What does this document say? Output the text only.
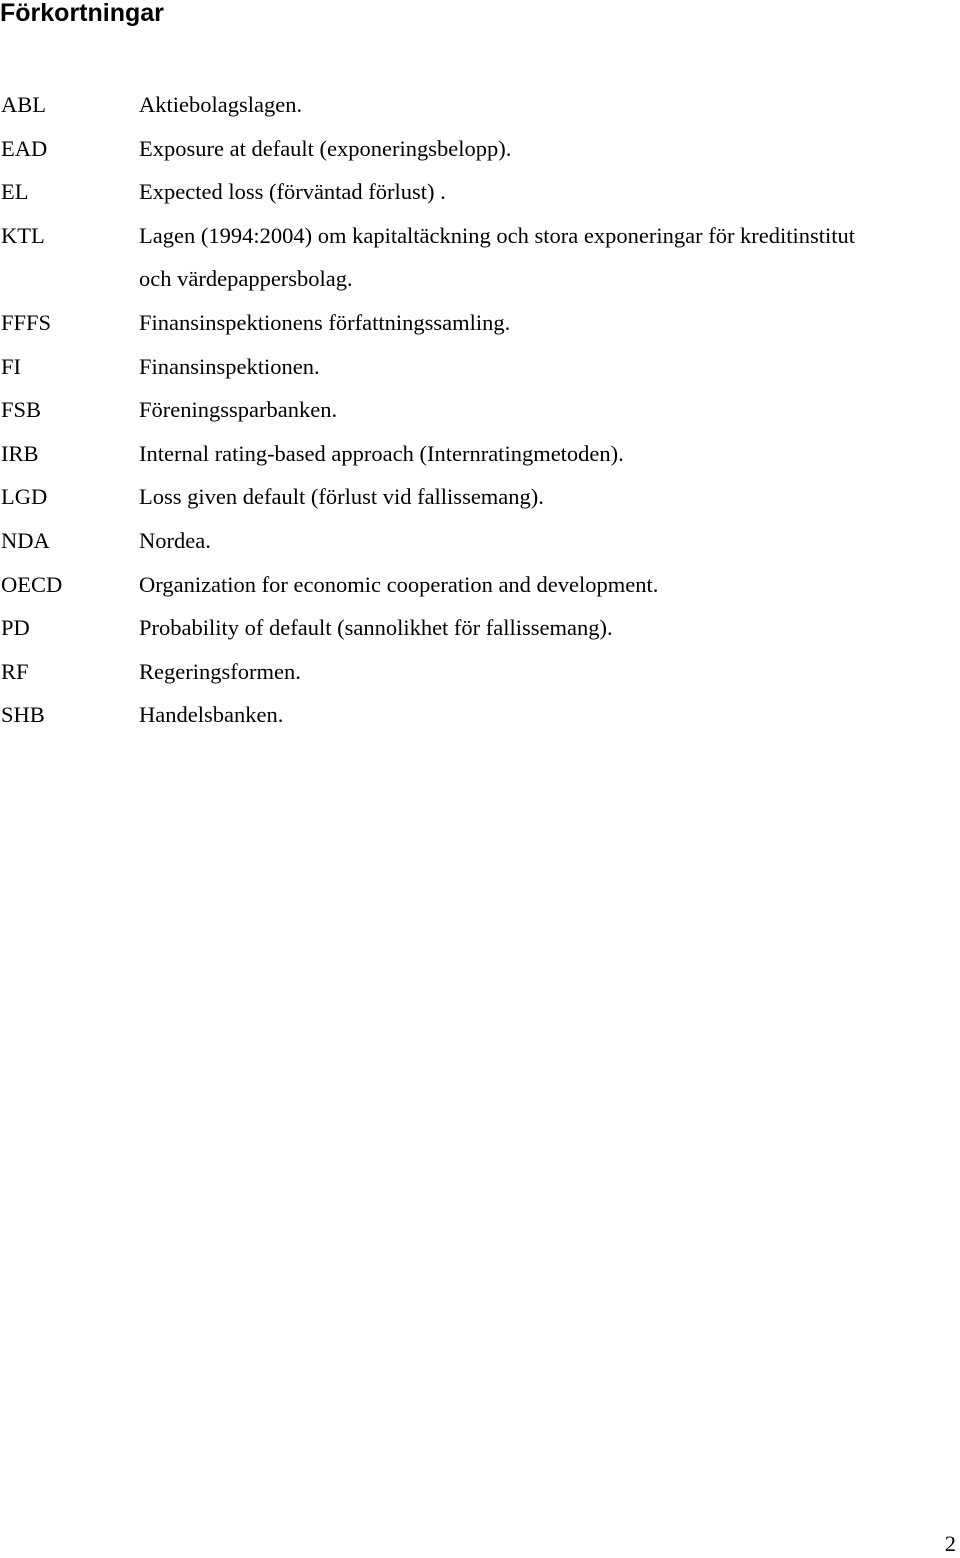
Förkortningar
ABL	Aktiebolagslagen.
EAD	Exposure at default (exponeringsbelopp).
EL	Expected loss (förväntad förlust) .
KTL	Lagen (1994:2004) om kapitaltäckning och stora exponeringar för kreditinstitut
och värdepappersbolag.
FFFS	Finansinspektionens författningssamling.
FI	Finansinspektionen.
FSB	Föreningssparbanken.
IRB	Internal rating-based approach (Internratingmetoden).
LGD	Loss given default (förlust vid fallissemang).
NDA	Nordea.
OECD	Organization for economic cooperation and development.
PD	Probability of default (sannolikhet för fallissemang).
RF	Regeringsformen.
SHB	Handelsbanken.
2
